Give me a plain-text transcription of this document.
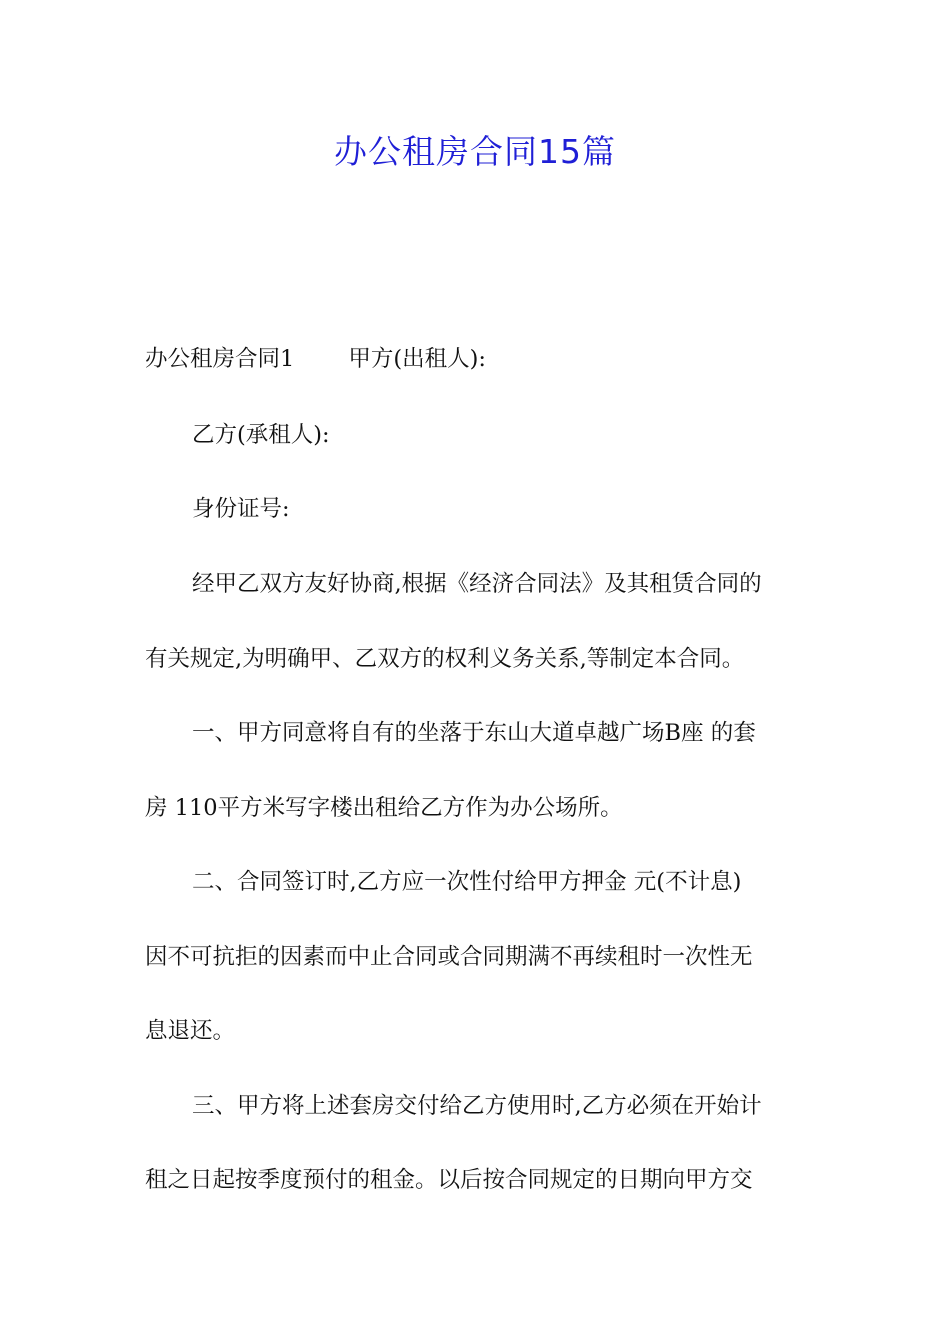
办公租房合同15篇

办公租房合同1 甲方(出租人):

乙方(承租人):

身份证号:

经甲乙双方友好协商,根据《经济合同法》及其租赁合同的

有关规定,为明确甲、乙双方的权利义务关系,等制定本合同。

一、甲方同意将自有的坐落于东山大道卓越广场B座 的套

房 110平方米写字楼出租给乙方作为办公场所。

二、合同签订时,乙方应一次性付给甲方押金 元(不计息)

因不可抗拒的因素而中止合同或合同期满不再续租时一次性无

息退还。

三、甲方将上述套房交付给乙方使用时,乙方必须在开始计

租之日起按季度预付的租金。以后按合同规定的日期向甲方交
